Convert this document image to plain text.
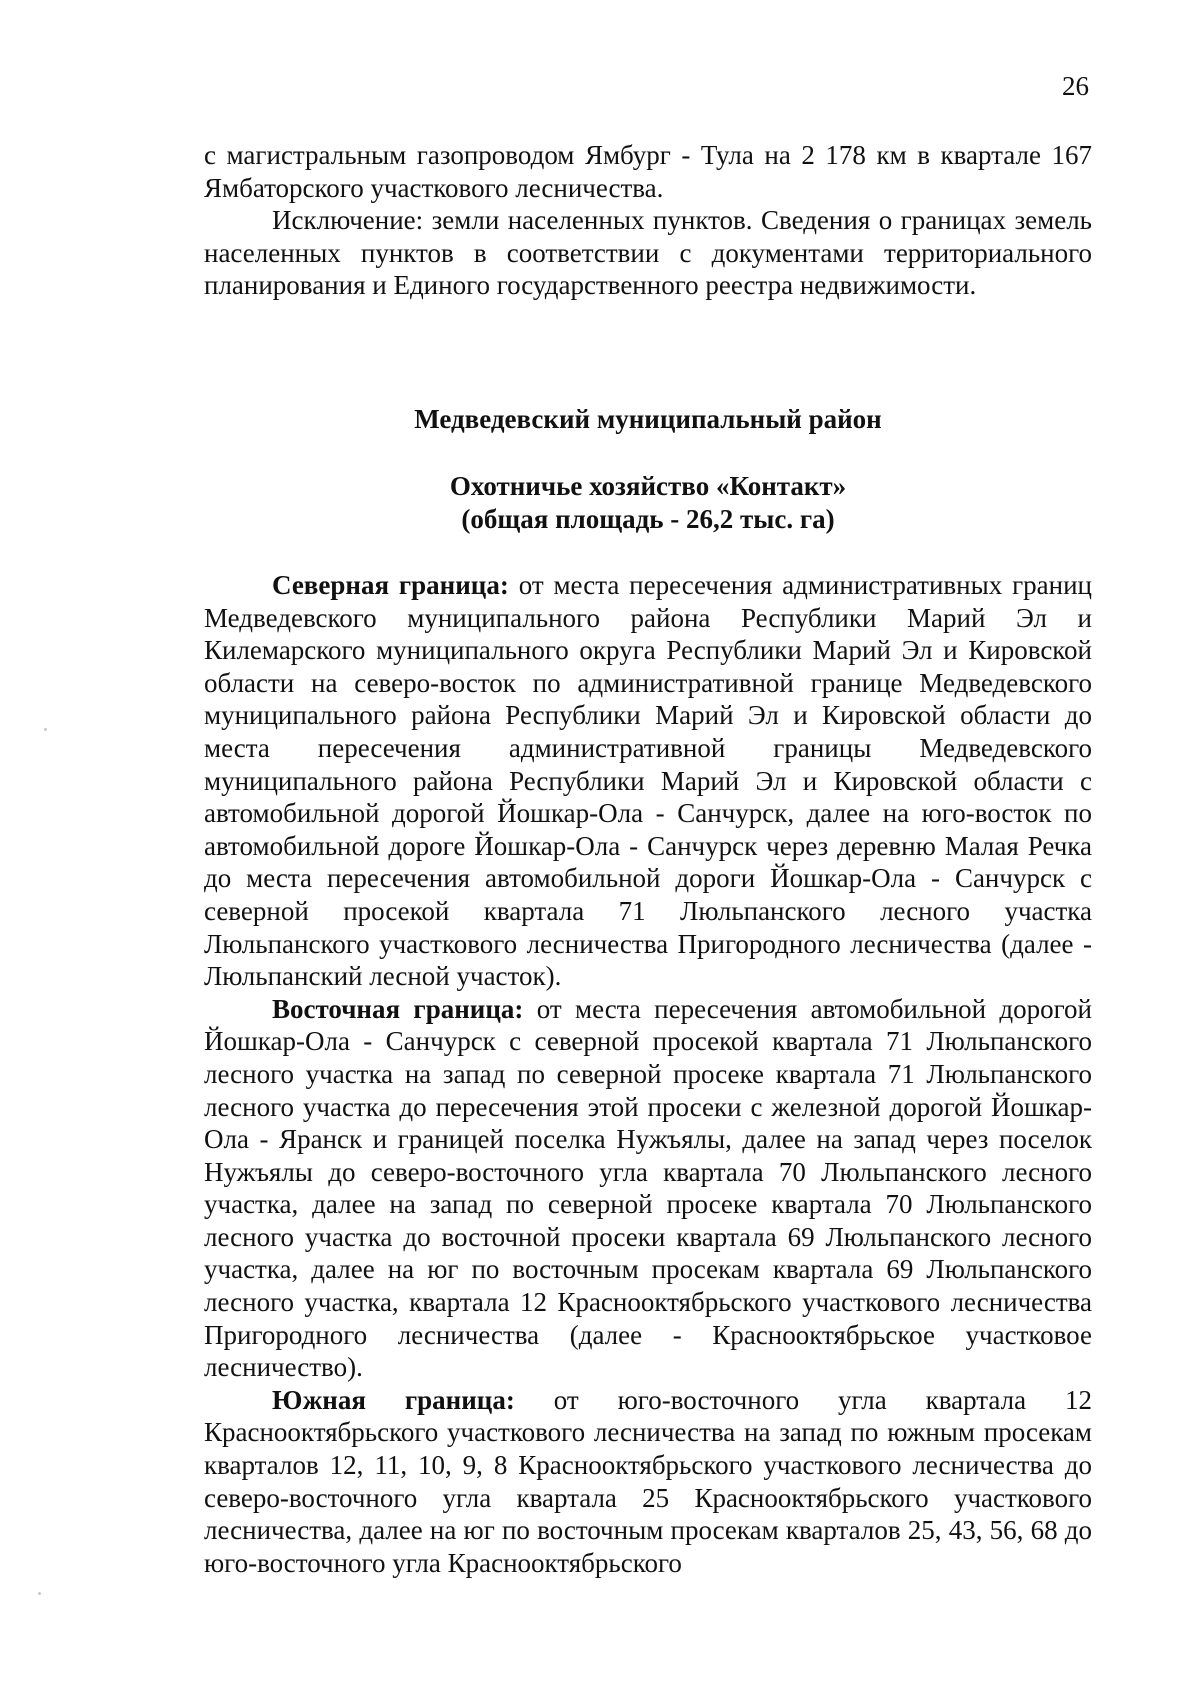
26

с магистральным газопроводом Ямбург - Тула на 2 178 км в квартале 167 Ямбаторского участкового лесничества.

Исключение: земли населенных пунктов. Сведения о границах земель населенных пунктов в соответствии с документами территориального планирования и Единого государственного реестра недвижимости.

Медведевский муниципальный район
Охотничье хозяйство «Контакт»
(общая площадь - 26,2 тыс. га)

Северная граница: от места пересечения административных границ Медведевского муниципального района Республики Марий Эл и Килемарского муниципального округа Республики Марий Эл и Кировской области на северо-восток по административной границе Медведевского муниципального района Республики Марий Эл и Кировской области до места пересечения административной границы Медведевского муниципального района Республики Марий Эл и Кировской области с автомобильной дорогой Йошкар-Ола - Санчурск, далее на юго-восток по автомобильной дороге Йошкар-Ола - Санчурск через деревню Малая Речка до места пересечения автомобильной дороги Йошкар-Ола - Санчурск с северной просекой квартала 71 Люльпанского лесного участка Люльпанского участкового лесничества Пригородного лесничества (далее - Люльпанский лесной участок).

Восточная граница: от места пересечения автомобильной дорогой Йошкар-Ола - Санчурск с северной просекой квартала 71 Люльпанского лесного участка на запад по северной просеке квартала 71 Люльпанского лесного участка до пересечения этой просеки с железной дорогой Йошкар-Ола - Яранск и границей поселка Нужъялы, далее на запад через поселок Нужъялы до северо-восточного угла квартала 70 Люльпанского лесного участка, далее на запад по северной просеке квартала 70 Люльпанского лесного участка до восточной просеки квартала 69 Люльпанского лесного участка, далее на юг по восточным просекам квартала 69 Люльпанского лесного участка, квартала 12 Краснооктябрьского участкового лесничества Пригородного лесничества (далее - Краснооктябрьское участковое лесничество).

Южная граница: от юго-восточного угла квартала 12 Краснооктябрьского участкового лесничества на запад по южным просекам кварталов 12, 11, 10, 9, 8 Краснооктябрьского участкового лесничества до северо-восточного угла квартала 25 Краснооктябрьского участкового лесничества, далее на юг по восточным просекам кварталов 25, 43, 56, 68 до юго-восточного угла Краснооктябрьского
